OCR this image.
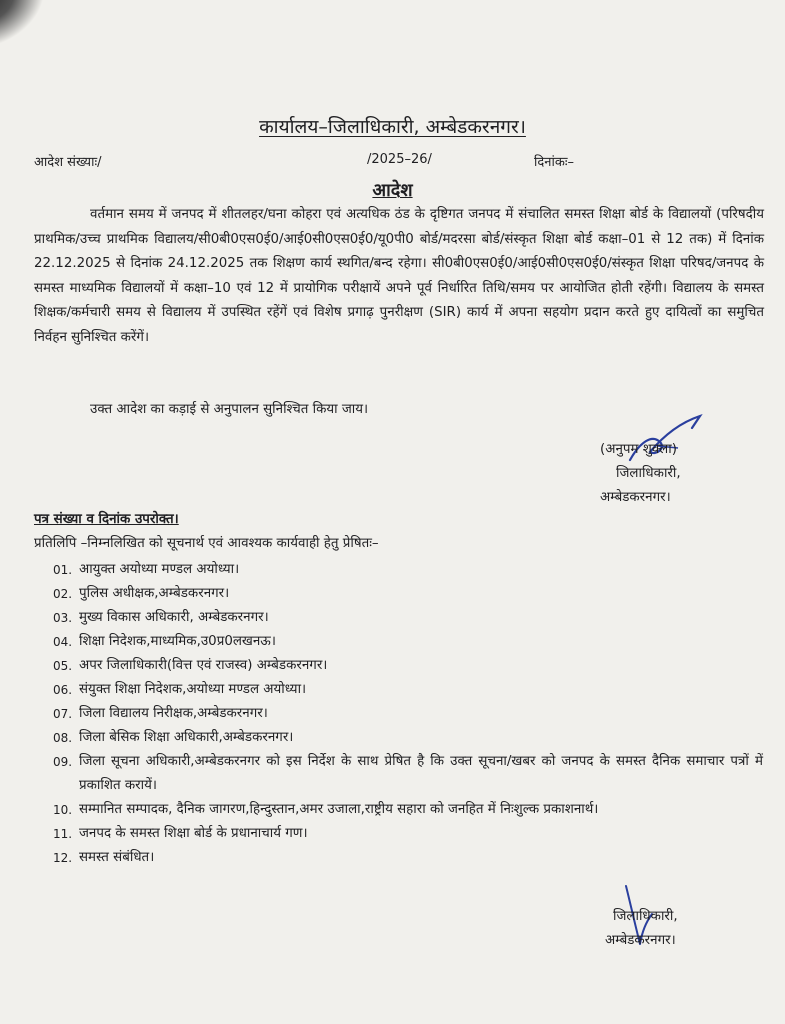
कार्यालय–जिलाधिकारी, अम्बेडकरनगर।
आदेश संख्याः/	/2025–26/	दिनांकः–
आदेश
वर्तमान समय में जनपद में शीतलहर/घना कोहरा एवं अत्यधिक ठंड के दृष्टिगत जनपद में संचालित समस्त शिक्षा बोर्ड के विद्यालयों (परिषदीय प्राथमिक/उच्च प्राथमिक विद्यालय/सी0बी0एस0ई0/आई0सी0एस0ई0/यू0पी0 बोर्ड/मदरसा बोर्ड/संस्कृत शिक्षा बोर्ड कक्षा–01 से 12 तक) में दिनांक 22.12.2025 से दिनांक 24.12.2025 तक शिक्षण कार्य स्थगित/बन्द रहेगा। सी0बी0एस0ई0/आई0सी0एस0ई0/संस्कृत शिक्षा परिषद/जनपद के समस्त माध्यमिक विद्यालयों में कक्षा–10 एवं 12 में प्रायोगिक परीक्षायें अपने पूर्व निर्धारित तिथि/समय पर आयोजित होती रहेंगी। विद्यालय के समस्त शिक्षक/कर्मचारी समय से विद्यालय में उपस्थित रहेंगें एवं विशेष प्रगाढ़ पुनरीक्षण (SIR) कार्य में अपना सहयोग प्रदान करते हुए दायित्वों का समुचित निर्वहन सुनिश्चित करेंगें।
उक्त आदेश का कड़ाई से अनुपालन सुनिश्चित किया जाय।
(अनुपम शुक्ला)
जिलाधिकारी,
अम्बेडकरनगर।
पत्र संख्या व दिनांक उपरोक्त।
प्रतिलिपि –निम्नलिखित को सूचनार्थ एवं आवश्यक कार्यवाही हेतु प्रेषितः–
01. आयुक्त अयोध्या मण्डल अयोध्या।
02. पुलिस अधीक्षक,अम्बेडकरनगर।
03. मुख्य विकास अधिकारी, अम्बेडकरनगर।
04. शिक्षा निदेशक,माध्यमिक,उ0प्र0लखनऊ।
05. अपर जिलाधिकारी(वित्त एवं राजस्व) अम्बेडकरनगर।
06. संयुक्त शिक्षा निदेशक,अयोध्या मण्डल अयोध्या।
07. जिला विद्यालय निरीक्षक,अम्बेडकरनगर।
08. जिला बेसिक शिक्षा अधिकारी,अम्बेडकरनगर।
09. जिला सूचना अधिकारी,अम्बेडकरनगर को इस निर्देश के साथ प्रेषित है कि उक्त सूचना/खबर को जनपद के समस्त दैनिक समाचार पत्रों में प्रकाशित करायें।
10. सम्मानित सम्पादक, दैनिक जागरण,हिन्दुस्तान,अमर उजाला,राष्ट्रीय सहारा को जनहित में निःशुल्क प्रकाशनार्थ।
11. जनपद के समस्त शिक्षा बोर्ड के प्रधानाचार्य गण।
12. समस्त संबंधित।
जिलाधिकारी,
अम्बेडकरनगर।
